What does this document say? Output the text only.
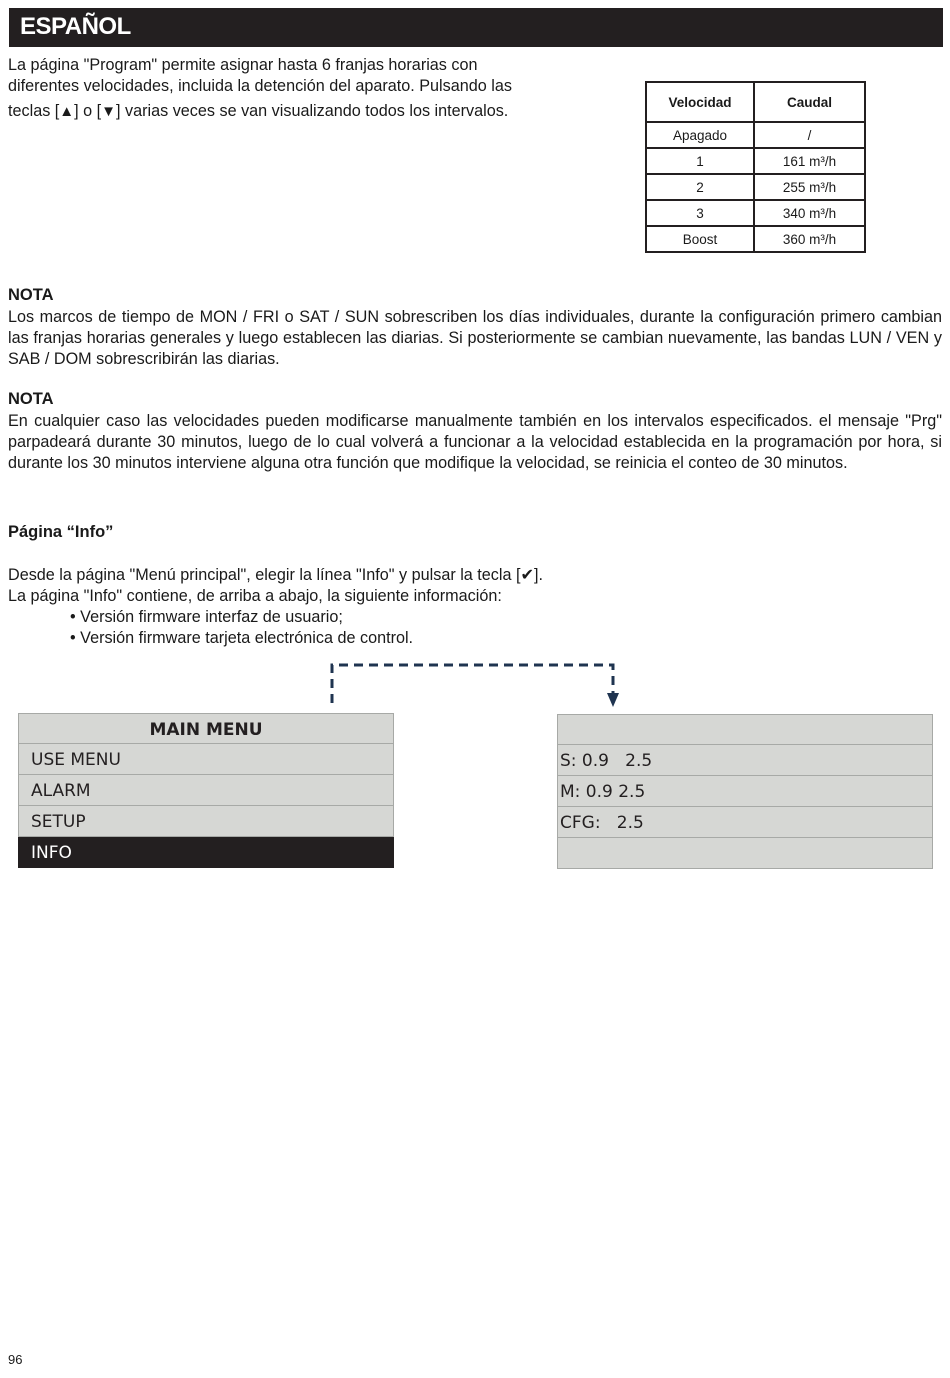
ESPAÑOL

La página "Program" permite asignar hasta 6 franjas horarias con
diferentes velocidades, incluida la detención del aparato. Pulsando las
teclas [▲] o [▼] varias veces se van visualizando todos los intervalos.	Velocidad	Caudal
Apagado	/
1	161 m³/h
2	255 m³/h
3	340 m³/h
Boost	360 m³/h
NOTA

Los marcos de tiempo de MON / FRI o SAT / SUN sobrescriben los días individuales, durante la configuración primero cambian las franjas horarias generales y luego establecen las diarias. Si posteriormente se cambian nuevamente, las bandas LUN / VEN y SAB / DOM sobrescribirán las diarias.

NOTA

En cualquier caso las velocidades pueden modificarse manualmente también en los intervalos especificados. el mensaje "Prg" parpadeará durante 30 minutos, luego de lo cual volverá a funcionar a la velocidad establecida en la programación por hora, si durante los 30 minutos interviene alguna otra función que modifique la velocidad, se reinicia el conteo de 30 minutos.

Página “Info”
Desde la página "Menú principal", elegir la línea "Info" y pulsar la tecla [✔].
La página "Info" contiene, de arriba a abajo, la siguiente información:
• Versión firmware interfaz de usuario;
• Versión firmware tarjeta electrónica de control.
MAIN MENU
USE MENU
ALARM
SETUP
INFO
S: 0.9   2.5
M: 0.9 2.5
CFG:   2.5
96
